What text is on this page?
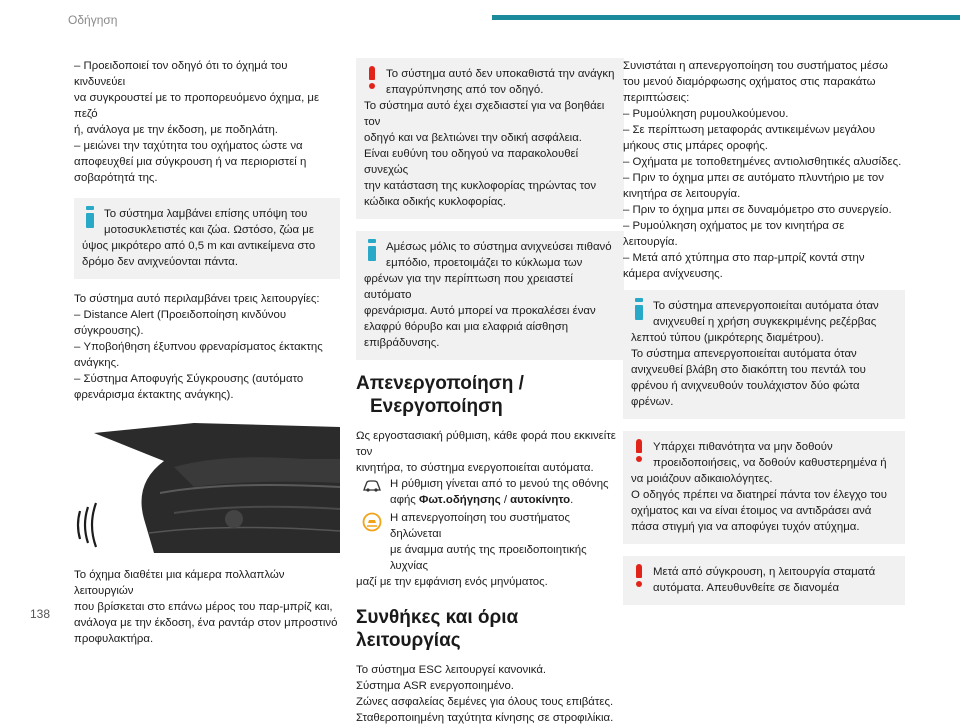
Οδήγηση

– Προειδοποιεί τον οδηγό ότι το όχημά του κινδυνεύει
να συγκρουστεί με το προπορευόμενο όχημα, με πεζό
ή, ανάλογα με την έκδοση, με ποδηλάτη.
– μειώνει την ταχύτητα του οχήματος ώστε να
αποφευχθεί μια σύγκρουση ή να περιοριστεί η
σοβαρότητά της.

Το σύστημα λαμβάνει επίσης υπόψη του
μοτοσυκλετιστές και ζώα. Ωστόσο, ζώα με

ύψος μικρότερο από 0,5 m και αντικείμενα στο
δρόμο δεν ανιχνεύονται πάντα.

Το σύστημα αυτό περιλαμβάνει τρεις λειτουργίες:
– Distance Alert (Προειδοποίηση κινδύνου
σύγκρουσης).
– Υποβοήθηση έξυπνου φρεναρίσματος έκτακτης
ανάγκης.
– Σύστημα Αποφυγής Σύγκρουσης (αυτόματο
φρενάρισμα έκτακτης ανάγκης).

Το όχημα διαθέτει μια κάμερα πολλαπλών λειτουργιών
που βρίσκεται στο επάνω μέρος του παρ-μπρίζ και,
ανάλογα με την έκδοση, ένα ραντάρ στον μπροστινό
προφυλακτήρα.

Το σύστημα αυτό δεν υποκαθιστά την ανάγκη
επαγρύπνησης από τον οδηγό.

Το σύστημα αυτό έχει σχεδιαστεί για να βοηθάει τον
οδηγό και να βελτιώνει την οδική ασφάλεια.
Είναι ευθύνη του οδηγού να παρακολουθεί συνεχώς
την κατάσταση της κυκλοφορίας τηρώντας τον
κώδικα οδικής κυκλοφορίας.

Αμέσως μόλις το σύστημα ανιχνεύσει πιθανό
εμπόδιο, προετοιμάζει το κύκλωμα των

φρένων για την περίπτωση που χρειαστεί αυτόματο
φρενάρισμα. Αυτό μπορεί να προκαλέσει έναν
ελαφρύ θόρυβο και μια ελαφριά αίσθηση
επιβράδυνσης.

Απενεργοποίηση /
Ενεργοποίηση

Ως εργοστασιακή ρύθμιση, κάθε φορά που εκκινείτε τον
κινητήρα, το σύστημα ενεργοποιείται αυτόματα.

Η ρύθμιση γίνεται από το μενού της οθόνης
αφής Φωτ.οδήγησης / αυτοκίνητο.

Η απενεργοποίηση του συστήματος δηλώνεται
με άναμμα αυτής της προειδοποιητικής λυχνίας

μαζί με την εμφάνιση ενός μηνύματος.

Συνθήκες και όρια λειτουργίας

Το σύστημα ESC λειτουργεί κανονικά.
Σύστημα ASR ενεργοποιημένο.
Ζώνες ασφαλείας δεμένες για όλους τους επιβάτες.
Σταθεροποιημένη ταχύτητα κίνησης σε στροφιλίκια.

Συνιστάται η απενεργοποίηση του συστήματος μέσω
του μενού διαμόρφωσης οχήματος στις παρακάτω
περιπτώσεις:
– Ρυμούλκηση ρυμουλκούμενου.
– Σε περίπτωση μεταφοράς αντικειμένων μεγάλου
μήκους στις μπάρες οροφής.
– Οχήματα με τοποθετημένες αντιολισθητικές αλυσίδες.
– Πριν το όχημα μπει σε αυτόματο πλυντήριο με τον
κινητήρα σε λειτουργία.
– Πριν το όχημα μπει σε δυναμόμετρο στο συνεργείο.
– Ρυμούλκηση οχήματος με τον κινητήρα σε
λειτουργία.
– Μετά από χτύπημα στο παρ-μπρίζ κοντά στην
κάμερα ανίχνευσης.

Το σύστημα απενεργοποιείται αυτόματα όταν
ανιχνευθεί η χρήση συγκεκριμένης ρεζέρβας

λεπτού τύπου (μικρότερης διαμέτρου).
Το σύστημα απενεργοποιείται αυτόματα όταν
ανιχνευθεί βλάβη στο διακόπτη του πεντάλ του
φρένου ή ανιχνευθούν τουλάχιστον δύο φώτα
φρένων.

Υπάρχει πιθανότητα να μην δοθούν
προειδοποιήσεις, να δοθούν καθυστερημένα ή

να μοιάζουν αδικαιολόγητες.
Ο οδηγός πρέπει να διατηρεί πάντα τον έλεγχο του
οχήματος και να είναι έτοιμος να αντιδράσει ανά
πάσα στιγμή για να αποφύγει τυχόν ατύχημα.

Μετά από σύγκρουση, η λειτουργία σταματά
αυτόματα. Απευθυνθείτε σε διανομέα

138
